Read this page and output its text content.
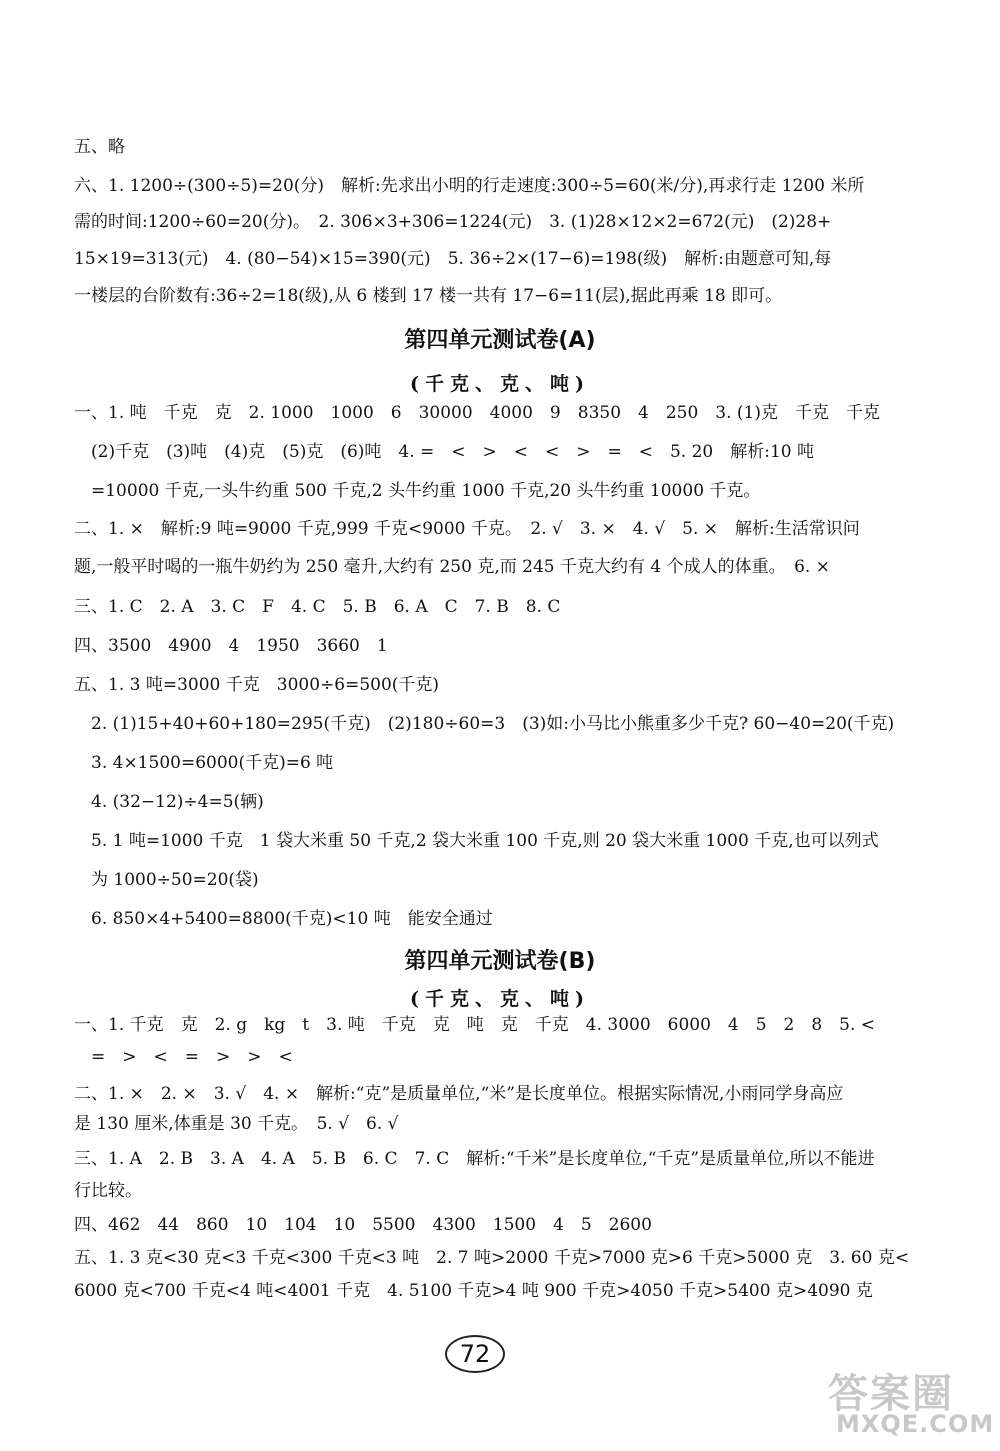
五、略
六、1. 1200÷(300÷5)=20(分)　解析:先求出小明的行走速度:300÷5=60(米/分),再求行走 1200 米所
需的时间:1200÷60=20(分)。　2. 306×3+306=1224(元)　3. (1)28×12×2=672(元)　(2)28+
15×19=313(元)　4. (80−54)×15=390(元)　5. 36÷2×(17−6)=198(级)　解析:由题意可知,每
一楼层的台阶数有:36÷2=18(级),从 6 楼到 17 楼一共有 17−6=11(层),据此再乘 18 即可。
第四单元测试卷(A)
(千克、克、吨)
一、1. 吨　千克　克　2. 1000　1000　6　30000　4000　9　8350　4　250　3. (1)克　千克　千克
　(2)千克　(3)吨　(4)克　(5)克　(6)吨　4. =　<　>　<　<　>　=　<　5. 20　解析:10 吨
　=10000 千克,一头牛约重 500 千克,2 头牛约重 1000 千克,20 头牛约重 10000 千克。
二、1. ×　解析:9 吨=9000 千克,999 千克<9000 千克。　2. √　3. ×　4. √　5. ×　解析:生活常识问
题,一般平时喝的一瓶牛奶约为 250 毫升,大约有 250 克,而 245 千克大约有 4 个成人的体重。　6. ×
三、1. C　2. A　3. C　F　4. C　5. B　6. A　C　7. B　8. C
四、3500　4900　4　1950　3660　1
五、1. 3 吨=3000 千克　3000÷6=500(千克)
　2. (1)15+40+60+180=295(千克)　(2)180÷60=3　(3)如:小马比小熊重多少千克? 60−40=20(千克)
　3. 4×1500=6000(千克)=6 吨
　4. (32−12)÷4=5(辆)
　5. 1 吨=1000 千克　1 袋大米重 50 千克,2 袋大米重 100 千克,则 20 袋大米重 1000 千克,也可以列式
　为 1000÷50=20(袋)
　6. 850×4+5400=8800(千克)<10 吨　能安全通过
第四单元测试卷(B)
(千克、克、吨)
一、1. 千克　克　2. g　kg　t　3. 吨　千克　克　吨　克　千克　4. 3000　6000　4　5　2　8　5. <
　=　>　<　=　>　>　<
二、1. ×　2. ×　3. √　4. ×　解析:“克”是质量单位,“米”是长度单位。根据实际情况,小雨同学身高应
是 130 厘米,体重是 30 千克。　5. √　6. √
三、1. A　2. B　3. A　4. A　5. B　6. C　7. C　解析:“千米”是长度单位,“千克”是质量单位,所以不能进
行比较。
四、462　44　860　10　104　10　5500　4300　1500　4　5　2600
五、1. 3 克<30 克<3 千克<300 千克<3 吨　2. 7 吨>2000 千克>7000 克>6 千克>5000 克　3. 60 克<
6000 克<700 千克<4 吨<4001 千克　4. 5100 千克>4 吨 900 千克>4050 千克>5400 克>4090 克
72
答案圈
MXQE.COM
